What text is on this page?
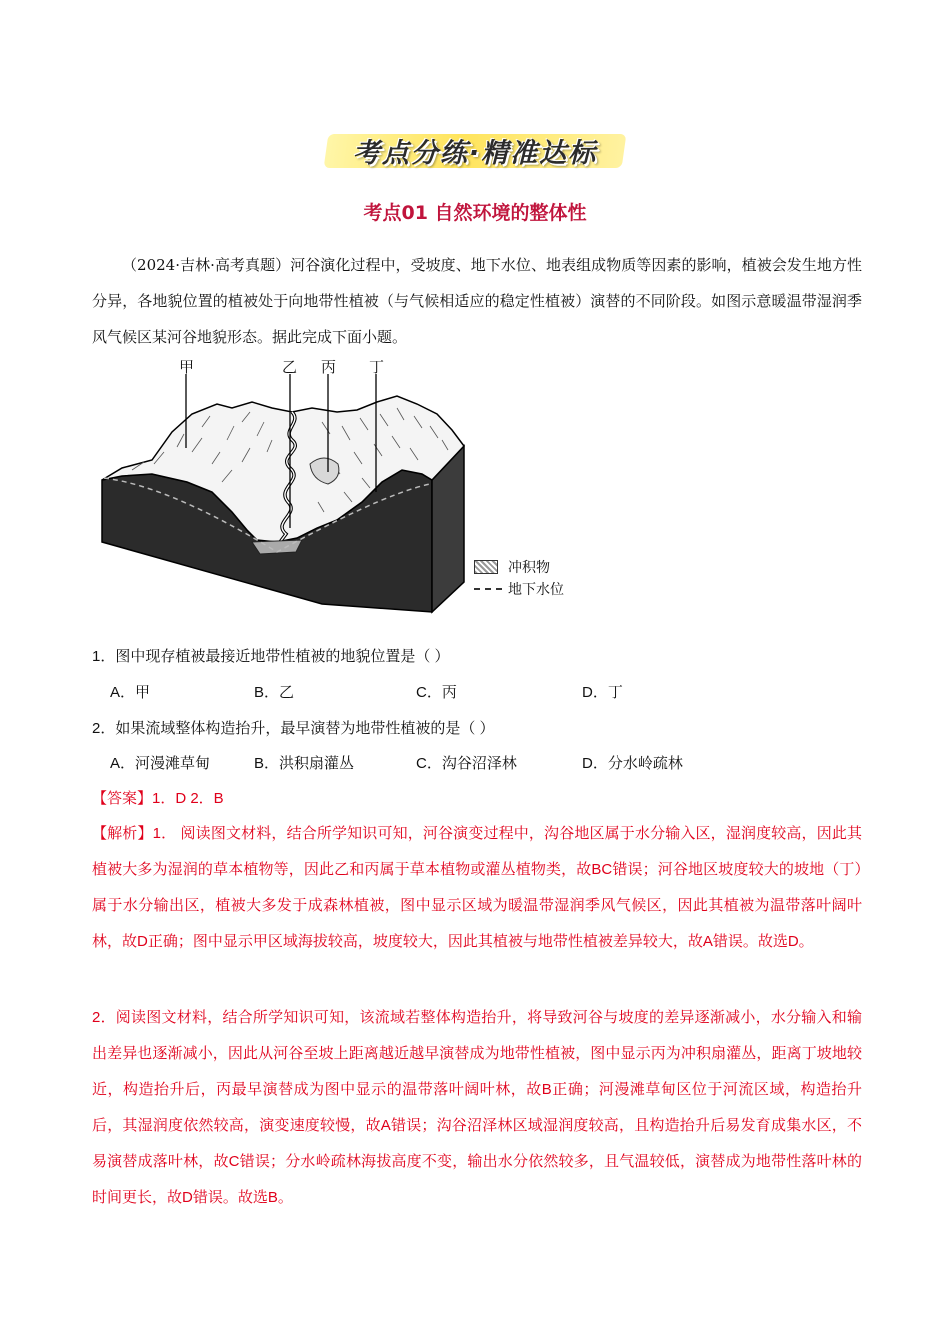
考点分练·精准达标
考点01 自然环境的整体性
（2024·吉林·高考真题）河谷演化过程中，受坡度、地下水位、地表组成物质等因素的影响，植被会发生地方性分异，各地貌位置的植被处于向地带性植被（与气候相适应的稳定性植被）演替的不同阶段。如图示意暖温带湿润季风气候区某河谷地貌形态。据此完成下面小题。
甲	乙 丙 丁
冲积物
地下水位
1．图中现存植被最接近地带性植被的地貌位置是（ ）
A．甲	B．乙	C．丙	D．丁
2．如果流域整体构造抬升，最早演替为地带性植被的是（ ）
A．河漫滩草甸	B．洪积扇灌丛	C．沟谷沼泽林	D．分水岭疏林
【答案】1．D 2．B
【解析】1． 阅读图文材料，结合所学知识可知，河谷演变过程中，沟谷地区属于水分输入区，湿润度较高，因此其植被大多为湿润的草本植物等，因此乙和丙属于草本植物或灌丛植物类，故BC错误；河谷地区坡度较大的坡地（丁）属于水分输出区，植被大多发于成森林植被，图中显示区域为暖温带湿润季风气候区，因此其植被为温带落叶阔叶林，故D正确；图中显示甲区域海拔较高，坡度较大，因此其植被与地带性植被差异较大，故A错误。故选D。
2．阅读图文材料，结合所学知识可知，该流域若整体构造抬升，将导致河谷与坡度的差异逐渐减小，水分输入和输出差异也逐渐减小，因此从河谷至坡上距离越近越早演替成为地带性植被，图中显示丙为冲积扇灌丛，距离丁坡地较近，构造抬升后，丙最早演替成为图中显示的温带落叶阔叶林，故B正确；河漫滩草甸区位于河流区域，构造抬升后，其湿润度依然较高，演变速度较慢，故A错误；沟谷沼泽林区域湿润度较高，且构造抬升后易发育成集水区，不易演替成落叶林，故C错误；分水岭疏林海拔高度不变，输出水分依然较多，且气温较低，演替成为地带性落叶林的时间更长，故D错误。故选B。
